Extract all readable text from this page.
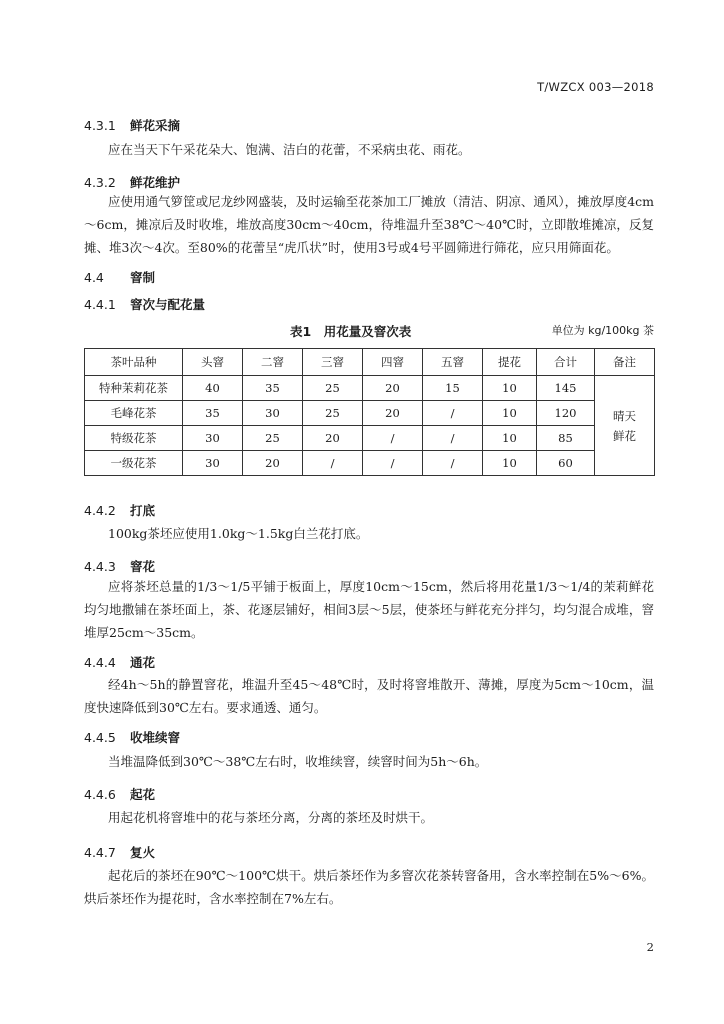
T/WZCX 003—2018
4.3.1 鲜花采摘
应在当天下午采花朵大、饱满、洁白的花蕾，不采病虫花、雨花。
4.3.2 鲜花维护
应使用通气箩筐或尼龙纱网盛装，及时运输至花茶加工厂摊放（清洁、阴凉、通风），摊放厚度4cm～6cm，摊凉后及时收堆，堆放高度30cm～40cm，待堆温升至38℃～40℃时，立即散堆摊凉，反复摊、堆3次～4次。至80%的花蕾呈“虎爪状”时，使用3号或4号平圆筛进行筛花，应只用筛面花。
4.4 窨制
4.4.1 窨次与配花量
表1　用花量及窨次表	单位为 kg/100kg 茶
茶叶品种	头窨	二窨	三窨	四窨	五窨	提花	合计	备注
特种茉莉花茶	40	35	25	20	15	10	145	晴天
鲜花

毛峰花茶	35	30	25	20	/	10	120	
特级花茶	30	25	20	/	/	10	85	
一级花茶	30	20	/	/	/	10	60	
4.4.2 打底
100kg茶坯应使用1.0kg～1.5kg白兰花打底。
4.4.3 窨花
应将茶坯总量的1/3～1/5平铺于板面上，厚度10cm～15cm，然后将用花量1/3～1/4的茉莉鲜花均匀地撒铺在茶坯面上，茶、花逐层铺好，相间3层～5层，使茶坯与鲜花充分拌匀，均匀混合成堆，窨堆厚25cm～35cm。
4.4.4 通花
经4h～5h的静置窨花，堆温升至45～48℃时，及时将窨堆散开、薄摊，厚度为5cm～10cm，温度快速降低到30℃左右。要求通透、通匀。
4.4.5 收堆续窨
当堆温降低到30℃～38℃左右时，收堆续窨，续窨时间为5h～6h。
4.4.6 起花
用起花机将窨堆中的花与茶坯分离，分离的茶坯及时烘干。
4.4.7 复火
起花后的茶坯在90℃～100℃烘干。烘后茶坯作为多窨次花茶转窨备用，含水率控制在5%～6%。烘后茶坯作为提花时，含水率控制在7%左右。
2
